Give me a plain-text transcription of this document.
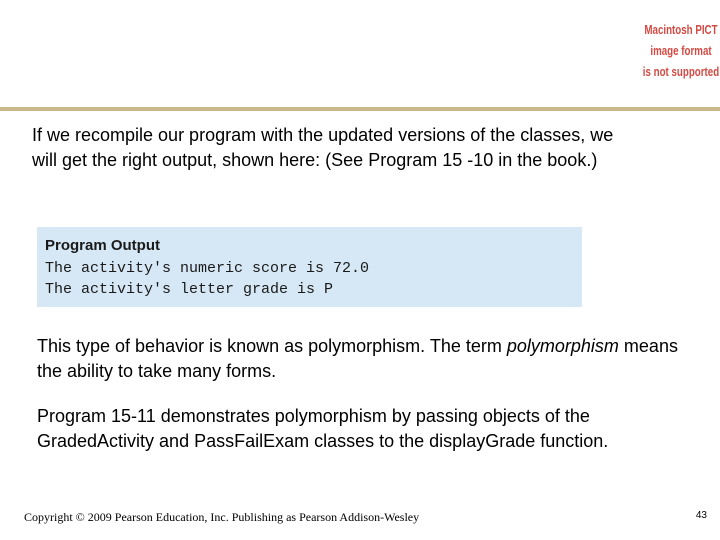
Macintosh PICT
image format
is not supported
If we recompile our program with the updated versions of the classes, we will get the right output, shown here: (See Program 15 -10 in the book.)
Program Output
The activity's numeric score is 72.0
The activity's letter grade is P
This type of behavior is known as polymorphism. The term polymorphism means the ability to take many forms.
Program 15-11 demonstrates polymorphism by passing objects of the GradedActivity and PassFailExam classes to the displayGrade function.
Copyright © 2009 Pearson Education, Inc. Publishing as Pearson Addison-Wesley	43
